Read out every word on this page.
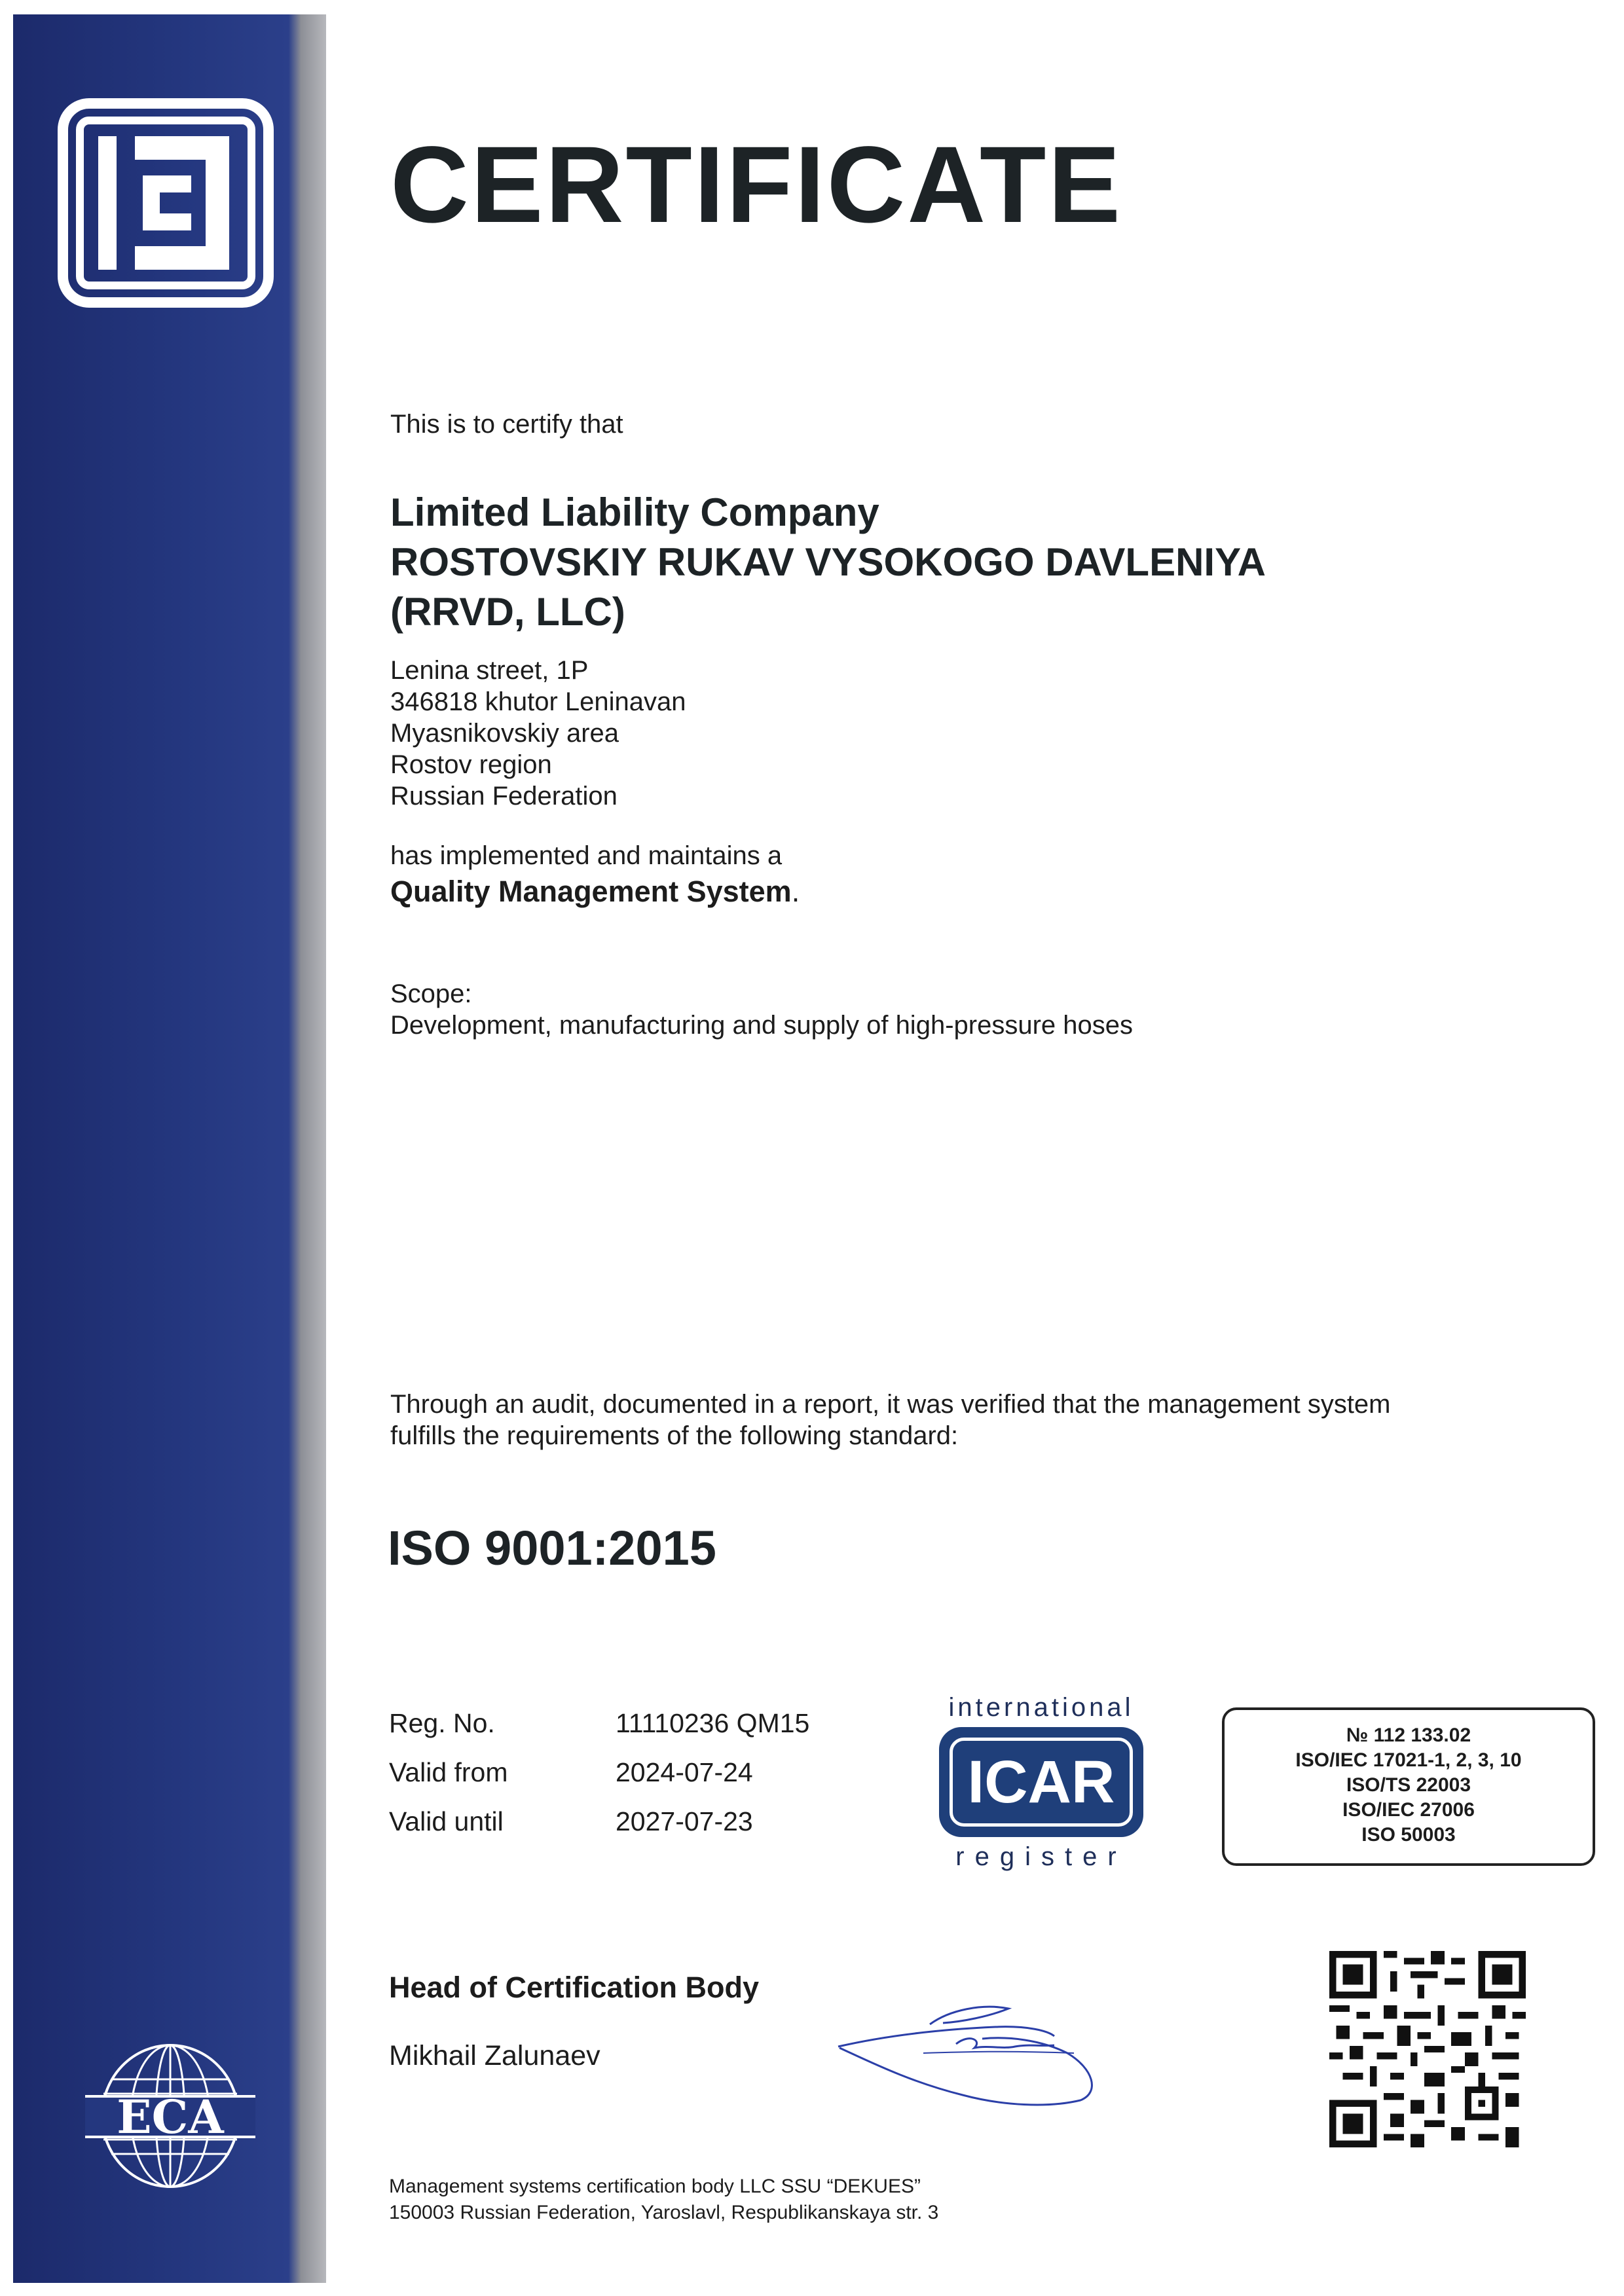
ECA
CERTIFICATE
This is to certify that
Limited Liability Company
ROSTOVSKIY RUKAV VYSOKOGO DAVLENIYA
(RRVD, LLC)
Lenina street, 1P
346818 khutor Leninavan
Myasnikovskiy area
Rostov region
Russian Federation
has implemented and maintains a
Quality Management System.
Scope:
Development, manufacturing and supply of high-pressure hoses
Through an audit, documented in a report, it was verified that the management system
fulfills the requirements of the following standard:
ISO 9001:2015
Reg. No.	11110236 QM15
Valid from	2024-07-24
Valid until	2027-07-23
international
ICAR
register
№ 112 133.02
ISO/IEC 17021-1, 2, 3, 10
ISO/TS 22003
ISO/IEC 27006
ISO 50003
Head of Certification Body
Mikhail Zalunaev
Management systems certification body LLC SSU “DEKUES”
150003 Russian Federation, Yaroslavl, Respublikanskaya str. 3
